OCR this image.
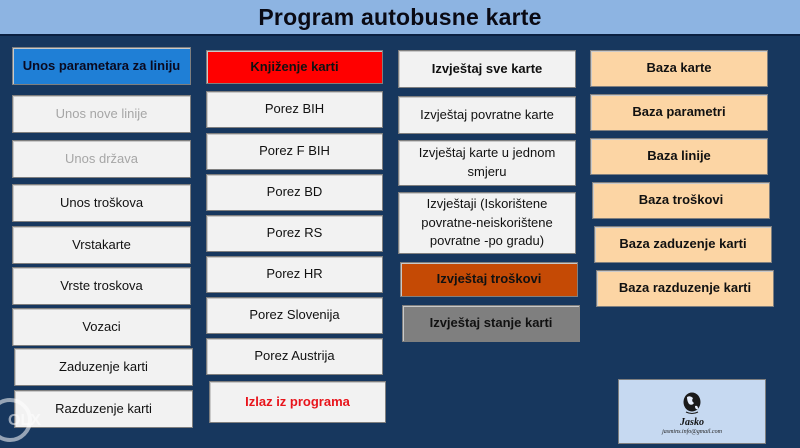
Program autobusne karte
Unos parametara za liniju
Unos nove linije
Unos država
Unos troškova
Vrstakarte
Vrste troskova
Vozaci
Zaduzenje karti
Razduzenje karti
Knjiženje karti
Porez BIH
Porez F BIH
Porez BD
Porez RS
Porez HR
Porez Slovenija
Porez Austrija
Izlaz iz programa
Izvještaj sve karte
Izvještaj povratne karte
Izvještaj karte u jednom smjeru
Izvještaji (Iskorištene povratne-neiskorištene povratne -po gradu)
Izvještaj troškovi
Izvještaj stanje karti
Baza karte
Baza parametri
Baza linije
Baza troškovi
Baza zaduzenje karti
Baza razduzenje karti
Jasko
jasmins.info@gmail.com
OLX
